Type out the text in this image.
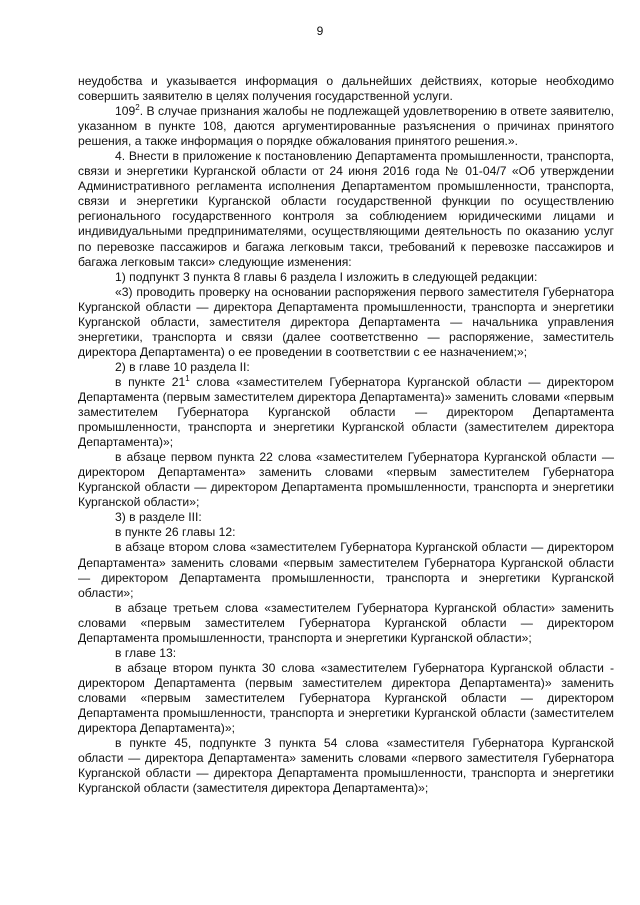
9

неудобства и указывается информация о дальнейших действиях, которые необходимо совершить заявителю в целях получения государственной услуги.

$109^2$. В случае признания жалобы не подлежащей удовлетворению в ответе заявителю, указанном в пункте 108, даются аргументированные разъяснения о причинах принятого решения, а также информация о порядке обжалования принятого решения.».

4. Внести в приложение к постановлению Департамента промышленности, транспорта, связи и энергетики Курганской области от 24 июня 2016 года № 01-04/7 «Об утверждении Административного регламента исполнения Департаментом промышленности, транспорта, связи и энергетики Курганской области государственной функции по осуществлению регионального государственного контроля за соблюдением юридическими лицами и индивидуальными предпринимателями, осуществляющими деятельность по оказанию услуг по перевозке пассажиров и багажа легковым такси, требований к перевозке пассажиров и багажа легковым такси» следующие изменения:

1) подпункт 3 пункта 8 главы 6 раздела I изложить в следующей редакции:

«3) проводить проверку на основании распоряжения первого заместителя Губернатора Курганской области — директора Департамента промышленности, транспорта и энергетики Курганской области, заместителя директора Департамента — начальника управления энергетики, транспорта и связи (далее соответственно — распоряжение, заместитель директора Департамента) о ее проведении в соответствии с ее назначением;»;

2) в главе 10 раздела II:

в пункте $21^1$ слова «заместителем Губернатора Курганской области — директором Департамента (первым заместителем директора Департамента)» заменить словами «первым заместителем Губернатора Курганской области — директором Департамента промышленности, транспорта и энергетики Курганской области (заместителем директора Департамента)»;

в абзаце первом пункта 22 слова «заместителем Губернатора Курганской области — директором Департамента» заменить словами «первым заместителем Губернатора Курганской области — директором Департамента промышленности, транспорта и энергетики Курганской области»;

3) в разделе III:

в пункте 26 главы 12:

в абзаце втором слова «заместителем Губернатора Курганской области — директором Департамента» заменить словами «первым заместителем Губернатора Курганской области — директором Департамента промышленности, транспорта и энергетики Курганской области»;

в абзаце третьем слова «заместителем Губернатора Курганской области» заменить словами «первым заместителем Губернатора Курганской области — директором Департамента промышленности, транспорта и энергетики Курганской области»;

в главе 13:

в абзаце втором пункта 30 слова «заместителем Губернатора Курганской области - директором Департамента (первым заместителем директора Департамента)» заменить словами «первым заместителем Губернатора Курганской области — директором Департамента промышленности, транспорта и энергетики Курганской области (заместителем директора Департамента)»;

в пункте 45, подпункте 3 пункта 54 слова «заместителя Губернатора Курганской области — директора Департамента» заменить словами «первого заместителя Губернатора Курганской области — директора Департамента промышленности, транспорта и энергетики Курганской области (заместителя директора Департамента)»;
